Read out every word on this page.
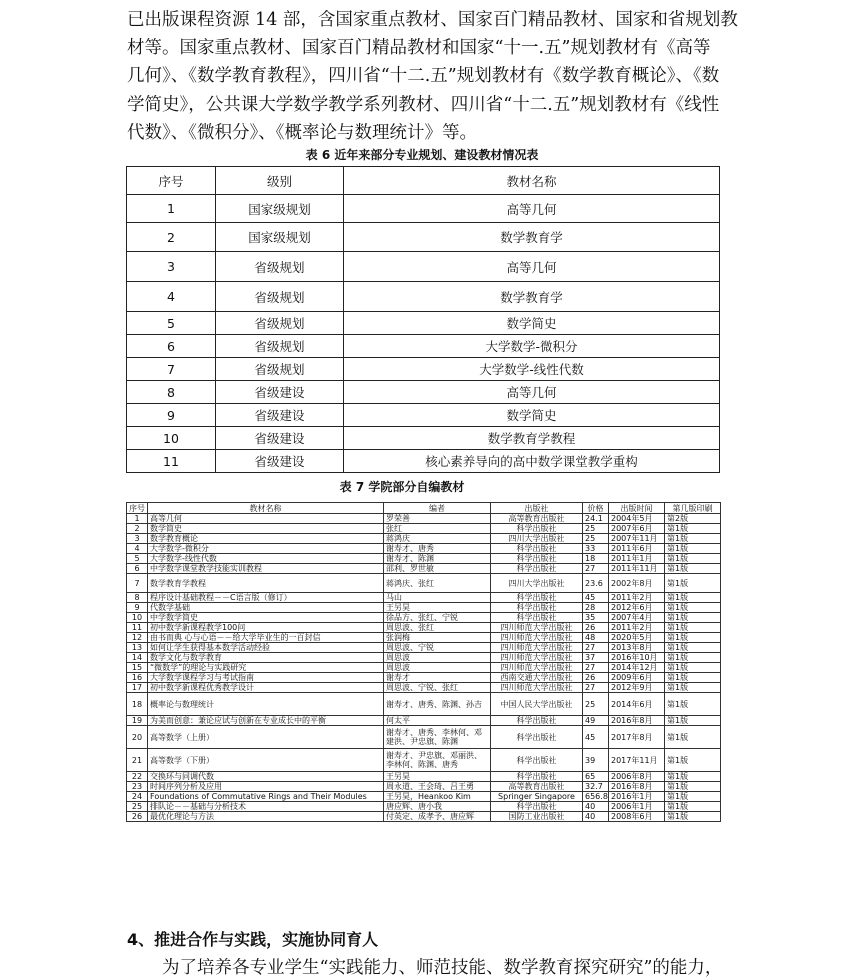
已出版课程资源 14 部，含国家重点教材、国家百门精品教材、国家和省规划教
材等。国家重点教材、国家百门精品教材和国家“十一.五”规划教材有《高等
几何》、《数学教育教程》，四川省“十二.五”规划教材有《数学教育概论》、《数
学简史》，公共课大学数学教学系列教材、四川省“十二.五”规划教材有《线性
代数》、《微积分》、《概率论与数理统计》等。
表 6 近年来部分专业规划、建设教材情况表
序号	级别	教材名称
1	国家级规划	高等几何
2	国家级规划	数学教育学
3	省级规划	高等几何
4	省级规划	数学教育学
5	省级规划	数学简史
6	省级规划	大学数学-微积分
7	省级规划	大学数学-线性代数
8	省级建设	高等几何
9	省级建设	数学简史
10	省级建设	数学教育学教程
11	省级建设	核心素养导向的高中数学课堂教学重构
表 7 学院部分自编教材
序号	教材名称	编者	出版社	价格	出版时间	第几版印刷
1	高等几何	罗荣善	高等教育出版社	24.1	2004年5月	第2版
2	数学简史	张红	科学出版社	25	2007年6月	第1版
3	数学教育概论	蒋鸿庆	四川大学出版社	25	2007年11月	第1版
4	大学数学-微积分	谢寿才、唐秀	科学出版社	33	2011年6月	第1版
5	大学数学-线性代数	谢寿才、陈渊	科学出版社	18	2011年1月	第1版
6	中学数学课堂教学技能实训教程	邵利、罗世敏	科学出版社	27	2011年11月	第1版
7	数学教育学教程	蒋鸿庆、张红	四川大学出版社	23.6	2002年8月	第1版
8	程序设计基础教程－－C语言版（修订）	马山	科学出版社	45	2011年2月	第1版
9	代数学基础	王另昊	科学出版社	28	2012年6月	第1版
10	中学数学简史	徐品方、张红、宁锐	科学出版社	35	2007年4月	第1版
11	初中数学新课程教学100问	周思波、张红	四川师范大学出版社	26	2011年2月	第1版
12	由书而典 心与心语－－给大学毕业生的一百封信	张润梅	四川师范大学出版社	48	2020年5月	第1版
13	如何让学生获得基本数学活动经验	周思波、宁锐	四川师范大学出版社	27	2013年8月	第1版
14	数学文化与数学教育	周思波	四川师范大学出版社	37	2016年10月	第1版
15	“微数学”的理论与实践研究	周思波	四川师范大学出版社	27	2014年12月	第1版
16	大学数学课程学习与考试指南	谢寿才	西南交通大学出版社	26	2009年6月	第1版
17	初中数学新课程优秀教学设计	周思波、宁锐、张红	四川师范大学出版社	27	2012年9月	第1版
18	概率论与数理统计	谢寿才、唐秀、陈渊、孙吉	中国人民大学出版社	25	2014年6月	第1版
19	为美而创意：兼论应试与创新在专业成长中的平衡	何太平	科学出版社	49	2016年8月	第1版
20	高等数学（上册）	谢寿才、唐秀、李林何、邓建洪、尹忠旗、陈渊	科学出版社	45	2017年8月	第1版
21	高等数学（下册）	谢寿才、尹忠旗、邓丽洪、李林何、陈渊、唐秀	科学出版社	39	2017年11月	第1版
22	交换环与同调代数	王另昊	科学出版社	65	2006年8月	第1版
23	时间序列分析及应用	周永道、王会琦、吕王勇	高等教育出版社	32.7	2016年8月	第1版
24	Foundations of Commutative Rings and Their Modules	王另昊，Heankoo Kim	Springer Singapore	656.8	2016年1月	第1版
25	排队论－－基础与分析技术	唐应辉、唐小我	科学出版社	40	2006年1月	第1版
26	最优化理论与方法	付英定、成孝予、唐应辉	国防工业出版社	40	2008年6月	第1版
4、推进合作与实践，实施协同育人
为了培养各专业学生“实践能力、师范技能、数学教育探究研究”的能力，
